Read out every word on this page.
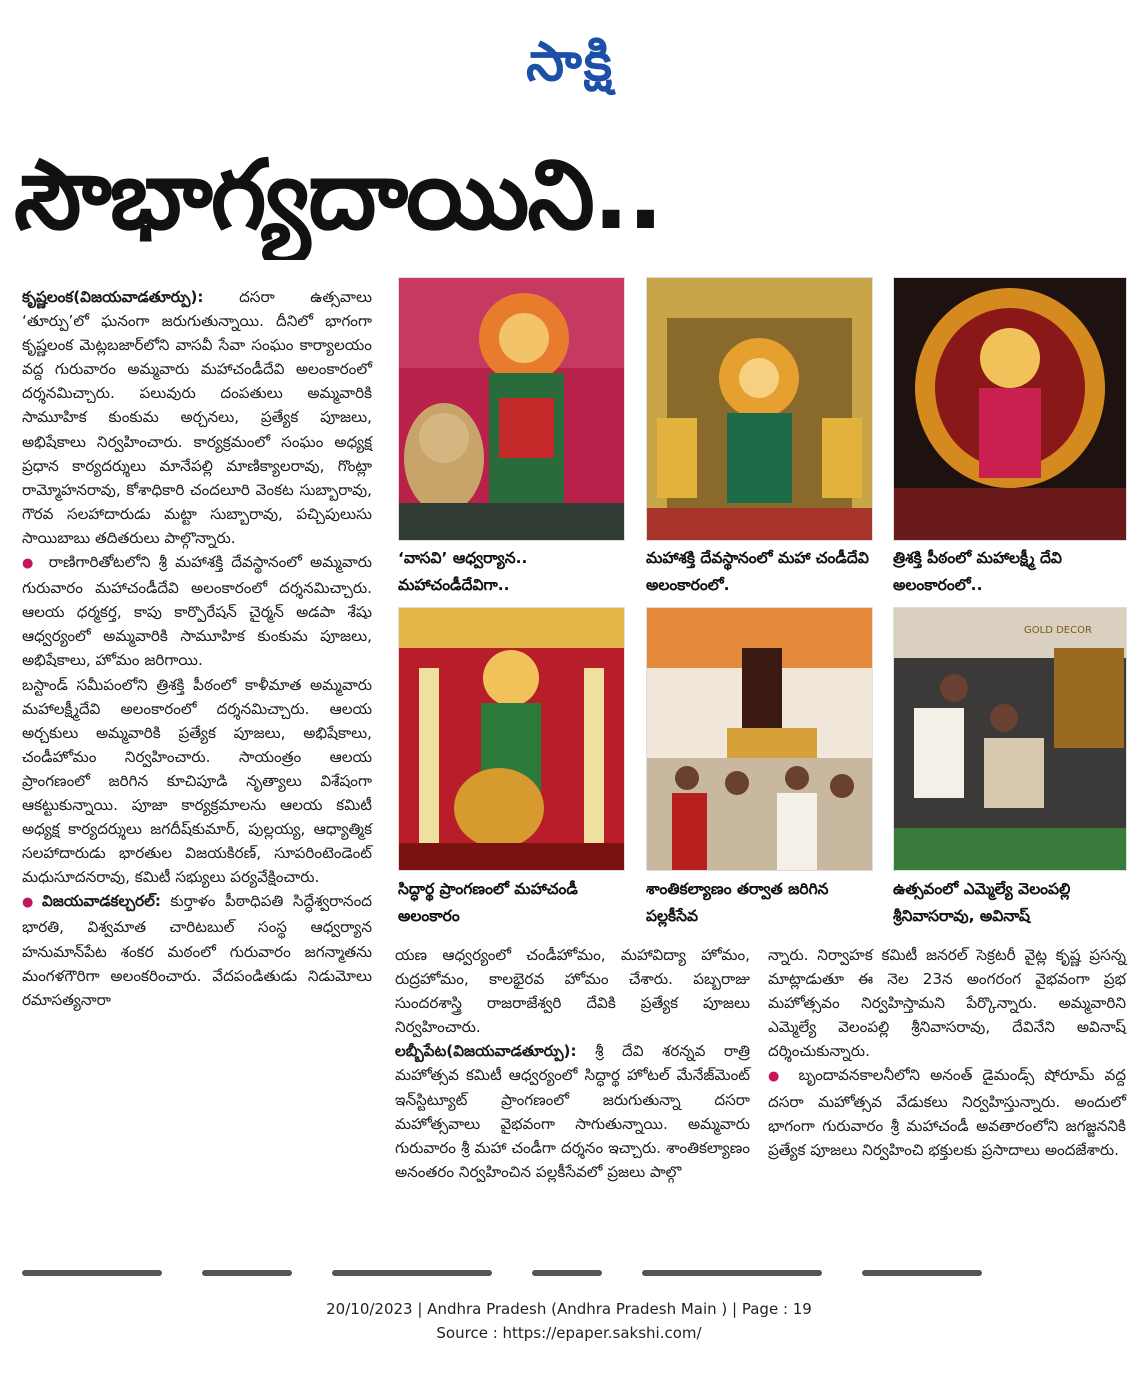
సాక్షి
సౌభాగ్యదాయిని..

కృష్ణలంక(విజయవాడతూర్పు): దసరా ఉత్సవాలు ‘తూర్పు’లో ఘనంగా జరుగుతున్నాయి. దీనిలో భాగంగా కృష్ణలంక మెట్లబజార్‌లోని వాసవీ సేవా సంఘం కార్యాలయం వద్ద గురువారం అమ్మవారు మహాచండీదేవి అలంకారంలో దర్శనమిచ్చారు. పలువురు దంపతులు అమ్మవారికి సామూహిక కుంకుమ అర్చనలు, ప్రత్యేక పూజలు, అభిషేకాలు నిర్వహించారు. కార్యక్రమంలో సంఘం అధ్యక్ష ప్రధాన కార్యదర్శులు మానేపల్లి మాణిక్యాలరావు, గొంట్లా రామ్మోహనరావు, కోశాధికారి చందలూరి వెంకట సుబ్బారావు, గౌరవ సలహాదారుడు మట్టా సుబ్బారావు, పచ్చిపులుసు సాయిబాబు తదితరులు పాల్గొన్నారు.

● రాణిగారితోటలోని శ్రీ మహాశక్తి దేవస్థానంలో అమ్మవారు గురువారం మహాచండీదేవి అలంకారంలో దర్శనమిచ్చారు. ఆలయ ధర్మకర్త, కాపు కార్పొరేషన్ చైర్మన్ అడపా శేషు ఆధ్వర్యంలో అమ్మవారికి సామూహిక కుంకుమ పూజలు, అభిషేకాలు, హోమం జరిగాయి.

బస్టాండ్ సమీపంలోని త్రిశక్తి పీఠంలో కాళీమాత అమ్మవారు మహాలక్ష్మీదేవి అలంకారంలో దర్శనమిచ్చారు. ఆలయ అర్చకులు అమ్మవారికి ప్రత్యేక పూజలు, అభిషేకాలు, చండీహోమం నిర్వహించారు. సాయంత్రం ఆలయ ప్రాంగణంలో జరిగిన కూచిపూడి నృత్యాలు విశేషంగా ఆకట్టుకున్నాయి. పూజా కార్యక్రమాలను ఆలయ కమిటీ అధ్యక్ష కార్యదర్శులు జగదీష్‌కుమార్, పుల్లయ్య, ఆధ్యాత్మిక సలహాదారుడు భారతుల విజయకిరణ్, సూపరింటెండెంట్ మధుసూదనరావు, కమిటీ సభ్యులు పర్యవేక్షించారు.

● విజయవాడకల్చరల్: కుర్తాళం పీఠాధిపతి సిద్ధేశ్వరానంద భారతి, విశ్వమాత చారిటబుల్ సంస్థ ఆధ్వర్యాన హనుమాన్‌పేట శంకర మఠంలో గురువారం జగన్మాతను మంగళగౌరిగా అలంకరించారు. వేదపండితుడు నిడుమోలు రమాసత్యనారా

‘వాసవి’ ఆధ్వర్యాన.. మహాచండీదేవిగా..
మహాశక్తి దేవస్థానంలో మహా చండీదేవి అలంకారంలో.
త్రిశక్తి పీఠంలో మహాలక్ష్మీ దేవి అలంకారంలో..
GOLD DECOR
సిద్ధార్థ ప్రాంగణంలో మహాచండీ అలంకారం
శాంతికల్యాణం తర్వాత జరిగిన పల్లకీసేవ
ఉత్సవంలో ఎమ్మెల్యే వెలంపల్లి శ్రీనివాసరావు, అవినాష్

యణ ఆధ్వర్యంలో చండీహోమం, మహావిద్యా హోమం, రుద్రహోమం, కాలభైరవ హోమం చేశారు. పబ్బరాజు సుందరశాస్త్రి రాజరాజేశ్వరి దేవికి ప్రత్యేక పూజలు నిర్వహించారు.

లబ్బీపేట(విజయవాడతూర్పు): శ్రీ దేవి శరన్నవ రాత్రి మహోత్సవ కమిటీ ఆధ్వర్యంలో సిద్ధార్థ హోటల్ మేనేజ్‌మెంట్ ఇన్‌స్టిట్యూట్ ప్రాంగణంలో జరుగుతున్నా దసరా మహోత్సవాలు వైభవంగా సాగుతున్నాయి. అమ్మవారు గురువారం శ్రీ మహా చండీగా దర్శనం ఇచ్చారు. శాంతికల్యాణం అనంతరం నిర్వహించిన పల్లకీసేవలో ప్రజలు పాల్గొ

న్నారు. నిర్వాహక కమిటీ జనరల్ సెక్రటరీ వైట్ల కృష్ణ ప్రసన్న మాట్లాడుతూ ఈ నెల 23న అంగరంగ వైభవంగా ప్రభ మహోత్సవం నిర్వహిస్తామని పేర్కొన్నారు. అమ్మవారిని ఎమ్మెల్యే వెలంపల్లి శ్రీనివాసరావు, దేవినేని అవినాష్ దర్శించుకున్నారు.

● బృందావనకాలనీలోని అనంత్ డైమండ్స్ షోరూమ్ వద్ద దసరా మహోత్సవ వేడుకలు నిర్వహిస్తున్నారు. అందులో భాగంగా గురువారం శ్రీ మహాచండీ అవతారంలోని జగజ్జననికి ప్రత్యేక పూజలు నిర్వహించి భక్తులకు ప్రసాదాలు అందజేశారు.

20/10/2023 | Andhra Pradesh (Andhra Pradesh Main ) | Page : 19
Source : https://epaper.sakshi.com/
